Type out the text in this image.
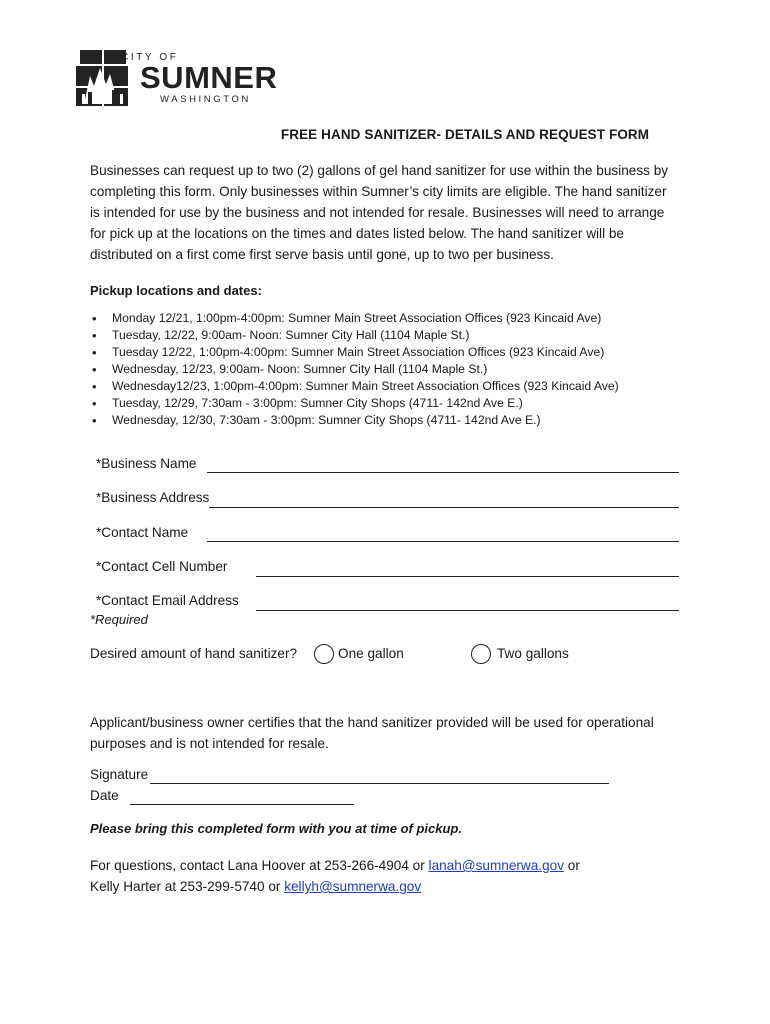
CITY OF
SUMNER
WASHINGTON
FREE HAND SANITIZER- DETAILS AND REQUEST FORM
Businesses can request up to two (2) gallons of gel hand sanitizer for use within the business by completing this form. Only businesses within Sumner’s city limits are eligible. The hand sanitizer is intended for use by the business and not intended for resale. Businesses will need to arrange for pick up at the locations on the times and dates listed below. The hand sanitizer will be distributed on a first come first serve basis until gone, up to two per business.
Pickup locations and dates:
• Monday 12/21, 1:00pm-4:00pm: Sumner Main Street Association Offices (923 Kincaid Ave)
• Tuesday, 12/22, 9:00am- Noon: Sumner City Hall (1104 Maple St.)
• Tuesday 12/22, 1:00pm-4:00pm: Sumner Main Street Association Offices (923 Kincaid Ave)
• Wednesday, 12/23, 9:00am- Noon: Sumner City Hall (1104 Maple St.)
• Wednesday12/23, 1:00pm-4:00pm: Sumner Main Street Association Offices (923 Kincaid Ave)
• Tuesday, 12/29, 7:30am - 3:00pm: Sumner City Shops (4711- 142nd Ave E.)
• Wednesday, 12/30, 7:30am - 3:00pm: Sumner City Shops (4711- 142nd Ave E.)
*Business Name
*Business Address
*Contact Name
*Contact Cell Number
*Contact Email Address
*Required
Desired amount of hand sanitizer?	One gallon	Two gallons
Applicant/business owner certifies that the hand sanitizer provided will be used for operational purposes and is not intended for resale.
Signature
Date
Please bring this completed form with you at time of pickup.
For questions, contact Lana Hoover at 253-266-4904 or lanah@sumnerwa.gov or
Kelly Harter at 253-299-5740 or kellyh@sumnerwa.gov
